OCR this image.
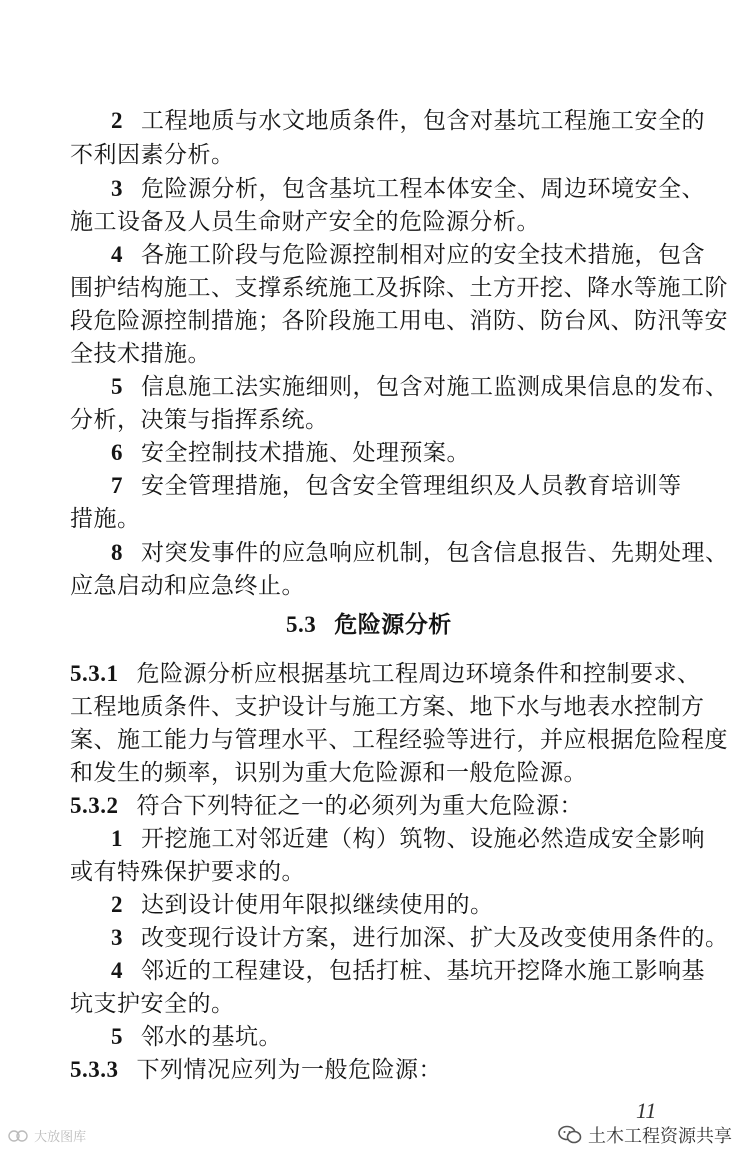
2 工程地质与水文地质条件，包含对基坑工程施工安全的
不利因素分析。
3 危险源分析，包含基坑工程本体安全、周边环境安全、
施工设备及人员生命财产安全的危险源分析。
4 各施工阶段与危险源控制相对应的安全技术措施，包含
围护结构施工、支撑系统施工及拆除、土方开挖、降水等施工阶
段危险源控制措施；各阶段施工用电、消防、防台风、防汛等安
全技术措施。
5 信息施工法实施细则，包含对施工监测成果信息的发布、
分析，决策与指挥系统。
6 安全控制技术措施、处理预案。
7 安全管理措施，包含安全管理组织及人员教育培训等
措施。
8 对突发事件的应急响应机制，包含信息报告、先期处理、
应急启动和应急终止。
5.3 危险源分析
5.3.1 危险源分析应根据基坑工程周边环境条件和控制要求、
工程地质条件、支护设计与施工方案、地下水与地表水控制方
案、施工能力与管理水平、工程经验等进行，并应根据危险程度
和发生的频率，识别为重大危险源和一般危险源。
5.3.2 符合下列特征之一的必须列为重大危险源：
1 开挖施工对邻近建（构）筑物、设施必然造成安全影响
或有特殊保护要求的。
2 达到设计使用年限拟继续使用的。
3 改变现行设计方案，进行加深、扩大及改变使用条件的。
4 邻近的工程建设，包括打桩、基坑开挖降水施工影响基
坑支护安全的。
5 邻水的基坑。
5.3.3 下列情况应列为一般危险源：
11
土木工程资源共享
大放图库
